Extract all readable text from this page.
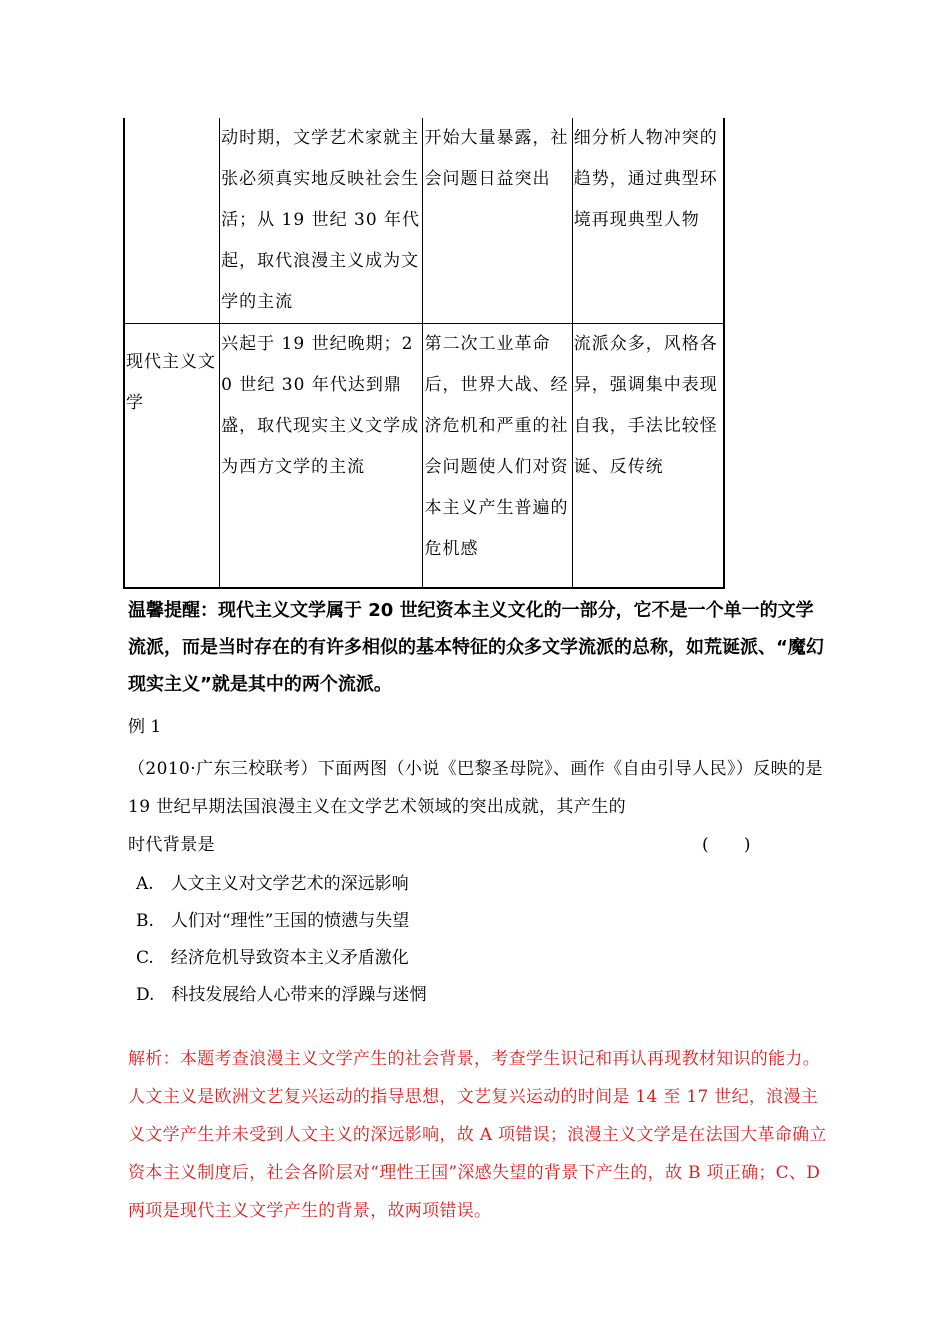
	动时期，文学艺术家就主张必须真实地反映社会生活；从 19 世纪 30 年代起，取代浪漫主义成为文学的主流	开始大量暴露，社会问题日益突出	细分析人物冲突的趋势，通过典型环境再现典型人物
现代主义文学	兴起于 19 世纪晚期；20 世纪 30 年代达到鼎盛，取代现实主义文学成为西方文学的主流	第二次工业革命后，世界大战、经济危机和严重的社会问题使人们对资本主义产生普遍的危机感	流派众多，风格各异，强调集中表现自我，手法比较怪诞、反传统
温馨提醒：现代主义文学属于 20 世纪资本主义文化的一部分，它不是一个单一的文学流派，而是当时存在的有许多相似的基本特征的众多文学流派的总称，如荒诞派、“魔幻现实主义”就是其中的两个流派。
例 1
（2010·广东三校联考）下面两图（小说《巴黎圣母院》、画作《自由引导人民》）反映的是 19 世纪早期法国浪漫主义在文学艺术领域的突出成就，其产生的
时代背景是	(　　)
A.　人文主义对文学艺术的深远影响
B.　人们对“理性”王国的愤懑与失望
C.　经济危机导致资本主义矛盾激化
D.　科技发展给人心带来的浮躁与迷惘
解析：本题考查浪漫主义文学产生的社会背景，考查学生识记和再认再现教材知识的能力。人文主义是欧洲文艺复兴运动的指导思想，文艺复兴运动的时间是 14 至 17 世纪，浪漫主义文学产生并未受到人文主义的深远影响，故 A 项错误；浪漫主义文学是在法国大革命确立资本主义制度后，社会各阶层对“理性王国”深感失望的背景下产生的，故 B 项正确；C、D 两项是现代主义文学产生的背景，故两项错误。
